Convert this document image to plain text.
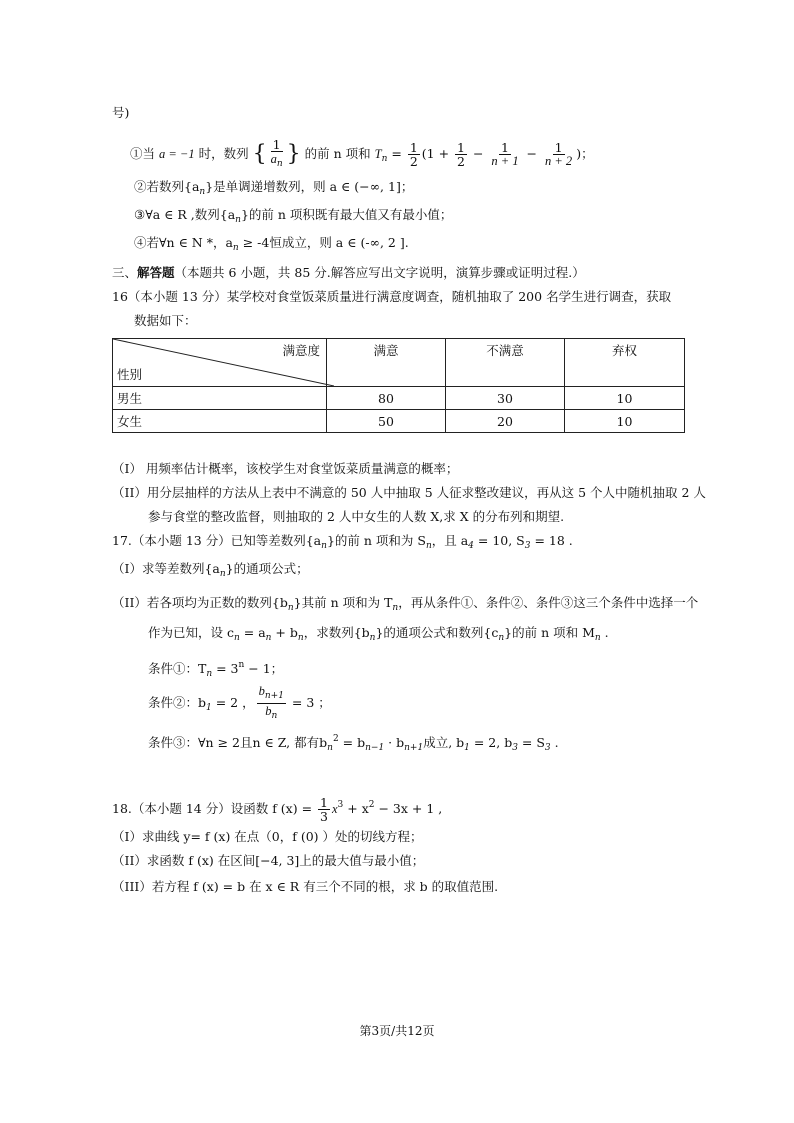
号)
①当 a = −1 时，数列 { $\frac{1}{a_n}$ } 的前 n 项和 $T_n = \frac{1}{2} (1 + \frac{1}{2} - \frac{1}{n + 1} - \frac{1}{n + 2}$ )；
②若数列$\{a_n\}$是单调递增数列，则 a ∈ (−∞, 1]；
③∀a ∈ R ,数列$\{a_n\}$的前 n 项积既有最大值又有最小值；
④若∀n ∈ N *，$a_n \ge -4$恒成立，则 a ∈ (-∞, 2 ].
三、解答题（本题共 6 小题，共 85 分.解答应写出文字说明，演算步骤或证明过程.）
16（本小题 13 分）某学校对食堂饭菜质量进行满意度调查，随机抽取了 200 名学生进行调查，获取
数据如下：
满意度
性别	满意	不满意	弃权
男生	80	30	10
女生	50	20	10
（I） 用频率估计概率，该校学生对食堂饭菜质量满意的概率；
（II）用分层抽样的方法从上表中不满意的 50 人中抽取 5 人征求整改建议，再从这 5 个人中随机抽取 2 人
参与食堂的整改监督，则抽取的 2 人中女生的人数 X,求 X 的分布列和期望.
17.（本小题 13 分）已知等差数列$\{a_n\}$的前 n 项和为 $S_n$，且 $a_4 = 10$, $S_3 = 18$ .
（I）求等差数列$\{a_n\}$的通项公式；
（II）若各项均为正数的数列$\{b_n\}$其前 n 项和为 $T_n$，再从条件①、条件②、条件③这三个条件中选择一个
作为已知，设 $c_n = a_n + b_n$，求数列$\{b_n\}$的通项公式和数列$\{c_n\}$的前 n 项和 $M_n$ .
条件①：$T_n = 3^n - 1$；
条件②：$b_1 = 2$ ， $\frac{b_{n+1}}{b_n} = 3$ ；
条件③：∀n ≥ 2且n ∈ Z, 都有$b_n^2 = b_{n-1} \cdot b_{n+1}$成立, $b_1 = 2$, $b_3 = S_3$ .
18.（本小题 14 分）设函数 f $(x) = \frac{1}{3} x^3 + x^2 - 3x + 1$ ,
（I）求曲线 y= f (x) 在点（0，f (0) ）处的切线方程；
（II）求函数 f (x) 在区间[−4, 3]上的最大值与最小值；
（III）若方程 f (x) = b 在 x ∈ R 有三个不同的根，求 b 的取值范围.
第3页/共12页
